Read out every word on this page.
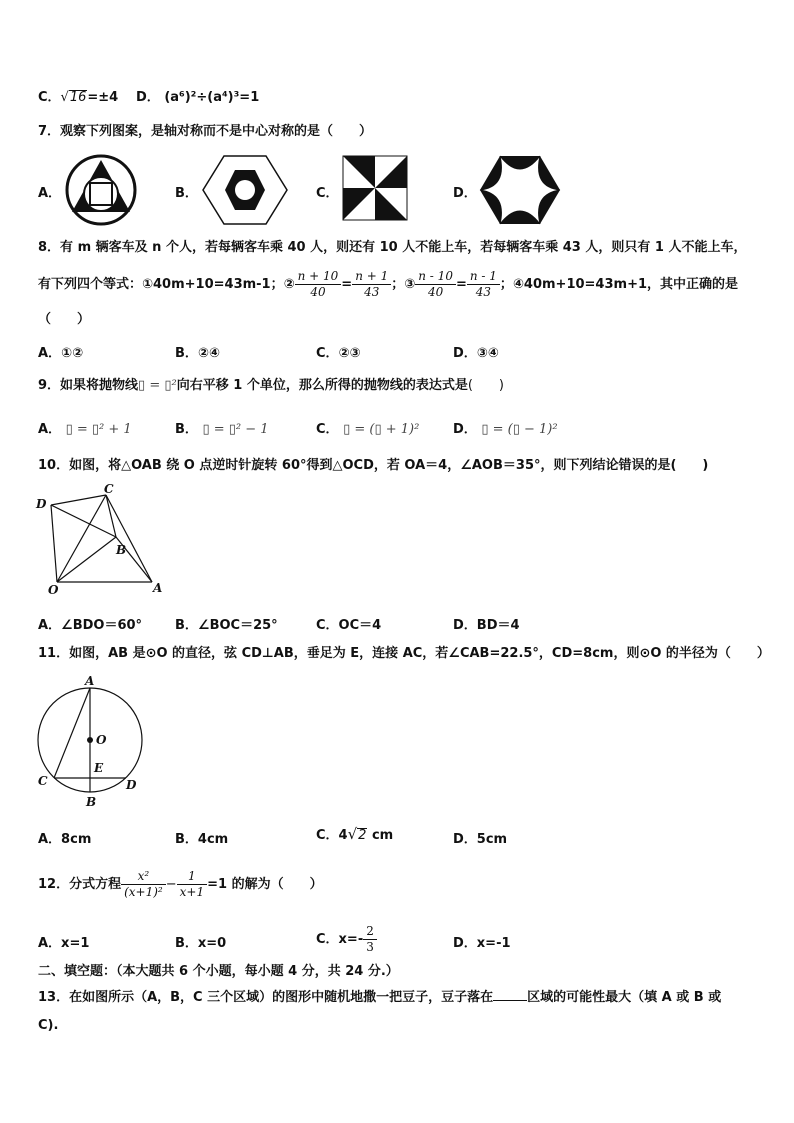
C．√16=±4 D． (a⁶)²÷(a⁴)³=1
7．观察下列图案，是轴对称而不是中心对称的是（　　）
A．	B．	C．	D．
8．有 m 辆客车及 n 个人，若每辆客车乘 40 人，则还有 10 人不能上车，若每辆客车乘 43 人，则只有 1 人不能上车，
有下列四个等式：①40m+10=43m-1；② $\frac{n + 10}{40} = \frac{n + 1}{43}$ ；③ $\frac{n - 10}{40} = \frac{n - 1}{43}$ ；④40m+10=43m+1，其中正确的是
（　　）
A．①②	B．②④	C．②③	D．③④
9．如果将抛物线▯ = ▯²向右平移 1 个单位，那么所得的抛物线的表达式是(　　)
A． ▯ = ▯² + 1	B． ▯ = ▯² − 1	C． ▯ = (▯ + 1)²	D． ▯ = (▯ − 1)²
10．如图，将△OAB 绕 O 点逆时针旋转 60°得到△OCD，若 OA＝4，∠AOB＝35°，则下列结论错误的是(　　)
D
C
B
O	A
A．∠BDO＝60°	B．∠BOC＝25°	C．OC＝4	D．BD＝4
11．如图，AB 是⊙O 的直径，弦 CD⊥AB，垂足为 E，连接 AC，若∠CAB=22.5°，CD=8cm，则⊙O 的半径为（　　）
A
O
E
C	D
B
A．8cm	B．4cm	C．4√2 cm	D．5cm
12．分式方程 $\frac{\text{x²}}{\text{(x+1)²}} - \frac{1}{x+1} =1$ 的解为（　　）
A．x=1	B．x=0	C．$x=- \frac{2}{3}$	D．x=-1
二、填空题：（本大题共 6 个小题，每小题 4 分，共 24 分.）
13．在如图所示（A，B，C 三个区域）的图形中随机地撒一把豆子，豆子落在	区域的可能性最大（填 A 或 B 或
C).
